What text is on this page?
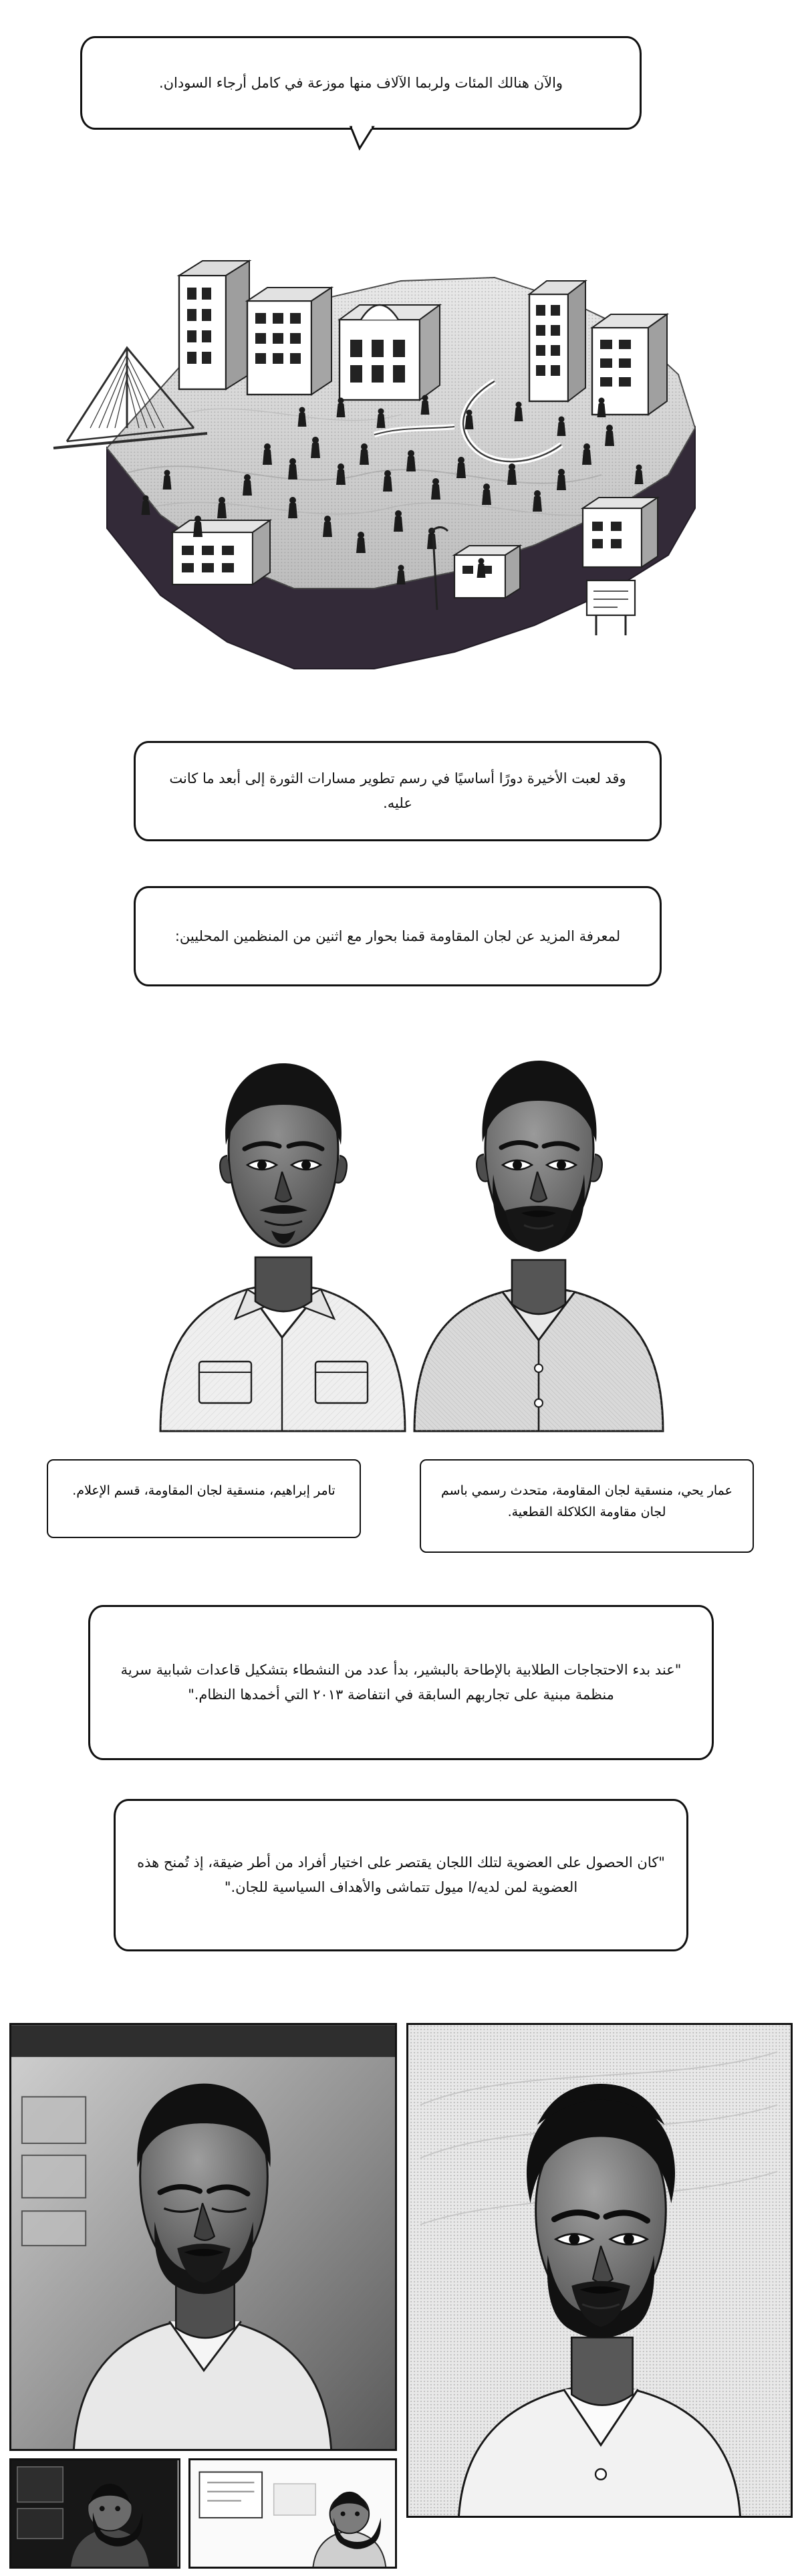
والآن هنالك المئات ولربما الآلاف منها موزعة في كامل أرجاء السودان.

وقد لعبت الأخيرة دورًا أساسيًا في رسم تطوير مسارات الثورة إلى أبعد ما كانت عليه.

لمعرفة المزيد عن لجان المقاومة قمنا بحوار مع اثنين من المنظمين المحليين:

تامر إبراهيم، منسقية لجان المقاومة، قسم الإعلام.	عمار يحي، منسقية لجان المقاومة، متحدث رسمي باسم لجان مقاومة الكلاكلة القطعية.

"عند بدء الاحتجاجات الطلابية بالإطاحة بالبشير، بدأ عدد من النشطاء بتشكيل قاعدات شبابية سرية منظمة مبنية على تجاربهم السابقة في انتفاضة ٢٠١٣ التي أخمدها النظام."

"كان الحصول على العضوية لتلك اللجان يقتصر على اختيار أفراد من أطر ضيقة، إذ تُمنح هذه العضوية لمن لديه/ا ميول تتماشى والأهداف السياسية للجان."
